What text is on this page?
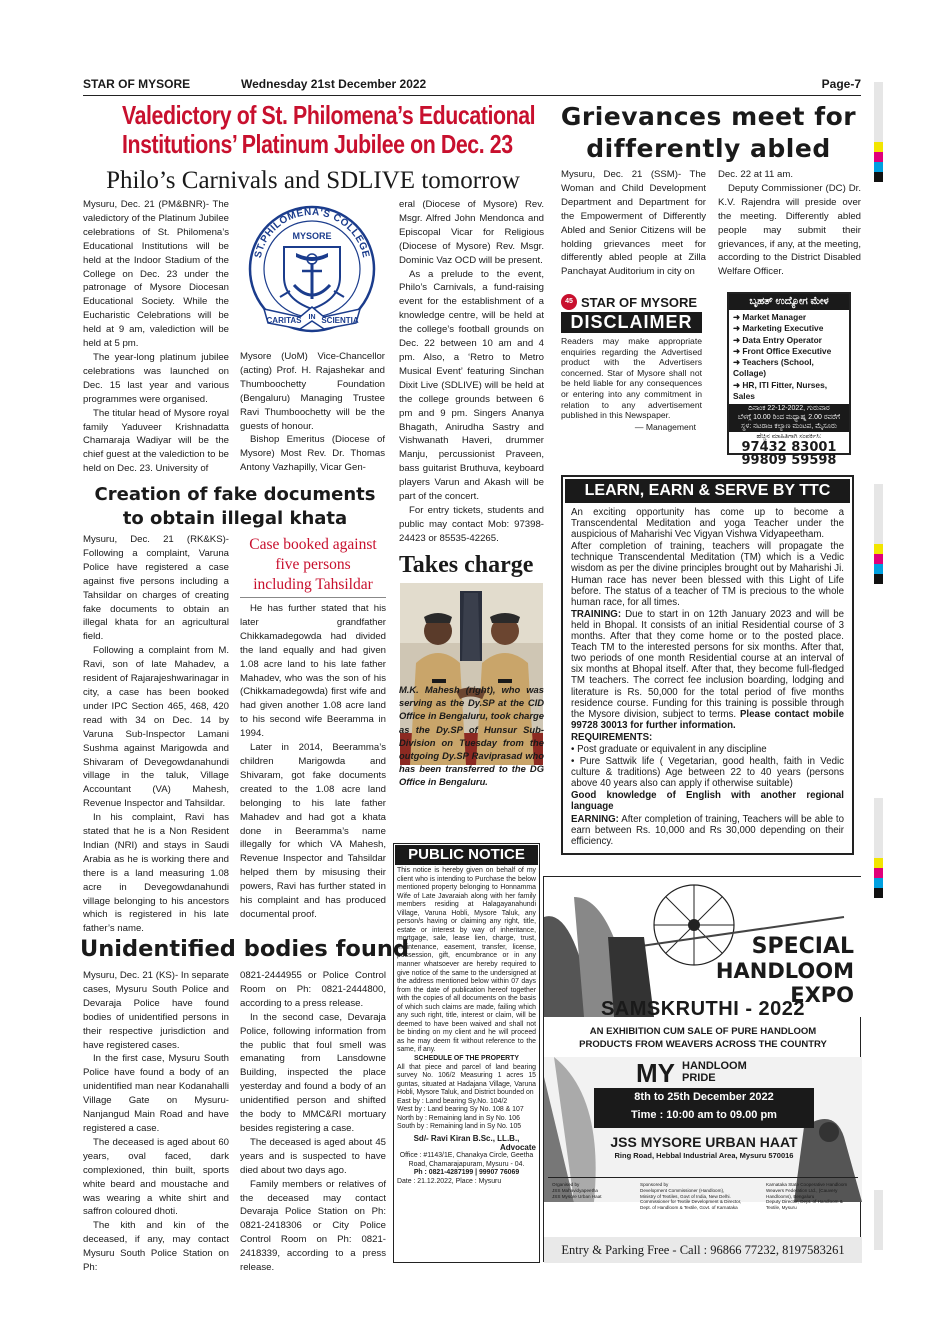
STAR OF MYSORE	Wednesday 21st December 2022	Page-7
Valedictory of St. Philomena’s Educational
Institutions’ Platinum Jubilee on Dec. 23
Philo’s Carnivals and SDLIVE tomorrow

Mysuru, Dec. 21 (PM&BNR)- The valedictory of the Platinum Jubilee celebrations of St. Philomena’s Educational Institutions will be held at the Indoor Stadium of the College on Dec. 23 under the patronage of Mysore Diocesan Educational Society. While the Eucharistic Celebrations will be held at 9 am, valediction will be held at 5 pm.

The year-long platinum jubilee celebrations was launched on Dec. 15 last year and various programmes were organised.

The titular head of Mysore royal family Yaduveer Krishnadatta Chamaraja Wadiyar will be the chief guest at the valediction to be held on Dec. 23. University of

ST.PHILOMENA'S COLLEGE
MYSORE
CARITAS IN SCIENTIA

Mysore (UoM) Vice-Chancellor (acting) Prof. H. Rajashekar and Thumboochetty Foundation (Bengaluru) Managing Trustee Ravi Thumboochetty will be the guests of honour.

Bishop Emeritus (Diocese of Mysore) Most Rev. Dr. Thomas Antony Vazhapilly, Vicar Gen-

eral (Diocese of Mysore) Rev. Msgr. Alfred John Mendonca and Episcopal Vicar for Religious (Diocese of Mysore) Rev. Msgr. Dominic Vaz OCD will be present.

As a prelude to the event, Philo’s Carnivals, a fund-raising event for the establishment of a knowledge centre, will be held at the college’s football grounds on Dec. 22 between 10 am and 4 pm. Also, a ‘Retro to Metro Musical Event’ featuring Sinchan Dixit Live (SDLIVE) will be held at the college grounds between 6 pm and 9 pm. Singers Ananya Bhagath, Anirudha Sastry and Vishwanath Haveri, drummer Manju, percussionist Praveen, bass guitarist Bruthuva, keyboard players Varun and Akash will be part of the concert.

For entry tickets, students and public may contact Mob: 97398-24423 or 85535-42265.

Grievances meet for
differently abled

Mysuru, Dec. 21 (SSM)- The Woman and Child Development Department and Department for the Empowerment of Differently Abled and Senior Citizens will be holding grievances meet for differently abled people at Zilla Panchayat Auditorium in city on

Dec. 22 at 11 am.

Deputy Commissioner (DC) Dr. K.V. Rajendra will preside over the meeting. Differently abled people may submit their grievances, if any, at the meeting, according to the District Disabled Welfare Officer.

45 STAR OF MYSORE
DISCLAIMER
Readers may make appropriate enquiries regarding the Advertised product with the Advertisers concerned. Star of Mysore shall not be held liable for any consequences or entering into any commitment in relation to any advertisement published in this Newspaper.
— Management
ಬೃಹತ್ ಉದ್ಯೋಗ ಮೇಳ
➜ Market Manager
➜ Marketing Executive
➜ Data Entry Operator
➜ Front Office Executive
➜ Teachers (School, Collage)
➜ HR, ITI Fitter, Nurses, Sales
ದಿನಾಂಕ 22-12-2022, ಗುರುವಾರ
ಬೆಳಗ್ಗೆ 10.00 ರಿಂದ ಮಧ್ಯಾಹ್ನ 2.00 ರವರೆಗೆ
ಸ್ಥಳ: ನಟರಾಜ ಕಲ್ಯಾಣ ಮಂಟಪ, ಮೈಸೂರು
ಹೆಚ್ಚಿನ ಮಾಹಿತಿಗಾಗಿ ಸಂಪರ್ಕಿಸಿ:
97432 83001
99809 59598
Creation of fake documents
to obtain illegal khata

Mysuru, Dec. 21 (RK&KS)- Following a complaint, Varuna Police have registered a case against five persons including a Tahsildar on charges of creating fake documents to obtain an illegal khata for an agricultural field.

Following a complaint from M. Ravi, son of late Mahadev, a resident of Rajarajeshwarinagar in city, a case has been booked under IPC Section 465, 468, 420 read with 34 on Dec. 14 by Varuna Sub-Inspector Lamani Sushma against Marigowda and Shivaram of Devegowdanahundi village in the taluk, Village Accountant (VA) Mahesh, Revenue Inspector and Tahsildar.

In his complaint, Ravi has stated that he is a Non Resident Indian (NRI) and stays in Saudi Arabia as he is working there and there is a land measuring 1.08 acre in Devegowdanahundi village belonging to his ancestors which is registered in his late father’s name.

Case booked against
five persons
including Tahsildar

He has further stated that his later grandfather Chikkamadegowda had divided the land equally and had given 1.08 acre land to his late father Mahadev, who was the son of his (Chikkamadegowda) first wife and had given another 1.08 acre land to his second wife Beeramma in 1994.

Later in 2014, Beeramma’s children Marigowda and Shivaram, got fake documents created to the 1.08 acre land belonging to his late father Mahadev and had got a khata done in Beeramma’s name illegally for which VA Mahesh, Revenue Inspector and Tahsildar helped them by misusing their powers, Ravi has further stated in his complaint and has produced documental proof.

Takes charge
M.K. Mahesh (right), who was serving as the Dy.SP at the CID Office in Bengaluru, took charge as the Dy.SP of Hunsur Sub-Division on Tuesday from the outgoing Dy.SP Raviprasad who has been transferred to the DG Office in Bengaluru.
LEARN, EARN & SERVE BY TTC

An exciting opportunity has come up to become a Transcendental Meditation and yoga Teacher under the auspicious of Maharishi Vec Vigyan Vishwa Vidyapeetham.

After completion of training, teachers will propagate the technique Transcendental Meditation (TM) which is a Vedic wisdom as per the divine principles brought out by Maharishi Ji. Human race has never been blessed with this Light of Life before. The status of a teacher of TM is precious to the whole human race, for all times.

TRAINING: Due to start in on 12th January 2023 and will be held in Bhopal. It consists of an initial Residential course of 3 months. After that they come home or to the posted place. Teach TM to the interested persons for six months. After that, two periods of one month Residential course at an interval of six months at Bhopal itself. After that, they become full-fledged TM teachers. The correct fee inclusion boarding, lodging and literature is Rs. 50,000 for the total period of five months residence course. Funding for this training is possible through the Mysore division, subject to terms. Please contact mobile 99728 30013 for further information.

REQUIREMENTS:

• Post graduate or equivalent in any discipline

• Pure Sattwik life ( Vegetarian, good health, faith in Vedic culture & traditions) Age between 22 to 40 years (persons above 40 years also can apply if otherwise suitable)

Good knowledge of English with another regional language

EARNING: After completion of training, Teachers will be able to earn between Rs. 10,000 and Rs 30,000 depending on their efficiency.

PUBLIC NOTICE
This notice is hereby given on behalf of my client who is intending to Purchase the below mentioned property belonging to Honnamma Wife of Late Javaraiah along with her family members residing at Halagayanahundi Village, Varuna Hobli, Mysore Taluk, any person/s having or claiming any right, title, estate or interest by way of inheritance, mortgage, sale, lease lien, charge, trust, maintenance, easement, transfer, license, possession, gift, encumbrance or in any manner whatsoever are hereby required to give notice of the same to the undersigned at the address mentioned below within 07 days from the date of publication hereof together with the copies of all documents on the basis of which such claims are made, failing which any such right, title, interest or claim, will be deemed to have been waived and shall not be binding on my client and he will proceed as he may deem fit without reference to the same, if any.
SCHEDULE OF THE PROPERTY
All that piece and parcel of land bearing survey No. 106/2 Measuring 1 acres 15 guntas, situated at Hadajana Village, Varuna Hobli, Mysore Taluk, and District bounded on
East by : Land bearing Sy.No. 104/2
West by : Land bearing Sy No. 108 & 107
North by : Remaining land in Sy No. 106
South by : Remaining land in Sy No. 105
Sd/- Ravi Kiran B.Sc., LL.B.,
Advocate
Office : #1143/1E, Chanakya Circle, Geetha Road, Chamarajapuram, Mysuru - 04.
Ph : 0821-4287199 | 99907 76069
Date : 21.12.2022, Place : Mysuru
Unidentified bodies found

Mysuru, Dec. 21 (KS)- In separate cases, Mysuru South Police and Devaraja Police have found bodies of unidentified persons in their respective jurisdiction and have registered cases.

In the first case, Mysuru South Police have found a body of an unidentified man near Kodanahalli Village Gate on Mysuru-Nanjangud Main Road and have registered a case.

The deceased is aged about 60 years, oval faced, dark complexioned, thin built, sports white beard and moustache and was wearing a white shirt and saffron coloured dhoti.

The kith and kin of the deceased, if any, may contact Mysuru South Police Station on Ph:

0821-2444955 or Police Control Room on Ph: 0821-2444800, according to a press release.

In the second case, Devaraja Police, following information from the public that foul smell was emanating from Lansdowne Building, inspected the place yesterday and found a body of an unidentified person and shifted the body to MMC&RI mortuary besides registering a case.

The deceased is aged about 45 years and is suspected to have died about two days ago.

Family members or relatives of the deceased may contact Devaraja Police Station on Ph: 0821-2418306 or City Police Control Room on Ph: 0821-2418339, according to a press release.

SPECIAL
HANDLOOM EXPO
SAMSKRUTHI - 2022
AN EXHIBITION CUM SALE OF PURE HANDLOOM
PRODUCTS FROM WEAVERS ACROSS THE COUNTRY
MY HANDLOOM
PRIDE
8th to 25th December 2022
Time : 10:00 am to 09.00 pm
JSS MYSORE URBAN HAAT
Ring Road, Hebbal Industrial Area, Mysuru 570016
Organised by
JSS Mahavidyapeetha
JSS Mysore Urban Haat
Sponsored by
Development Commissioner (Handloom),
Ministry of Textiles, Govt of India, New Delhi.
Commissioner for Textile Development & Director,
Dept. of Handloom & Textile, Govt. of Karnataka
Karnataka State Cooperative Handloom
Weavers Federation Ltd., (Cauvery Handlooms), Bengaluru
Deputy Director, Dept. of Handloom & Textile, Mysuru
Entry & Parking Free - Call : 96866 77232, 8197583261
